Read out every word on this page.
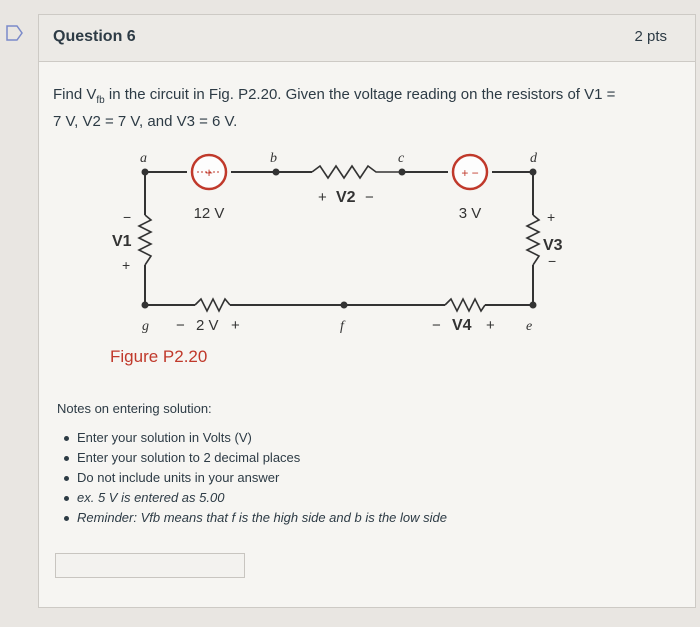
Question 6	2 pts
Find $V_{fb}$ in the circuit in Fig. P2.20. Given the voltage reading on the resistors of V1 =
7 V, V2 = 7 V, and V3 = 6 V.
+	+ −
a	b	c	d
e
f
g
12 V	3 V
+ V2 −
V1
−
+
V3
+
−
− 2 V +	− V4 +
Figure P2.20
Notes on entering solution:
Enter your solution in Volts (V)
Enter your solution to 2 decimal places
Do not include units in your answer
ex. 5 V is entered as 5.00
Reminder: Vfb means that f is the high side and b is the low side
